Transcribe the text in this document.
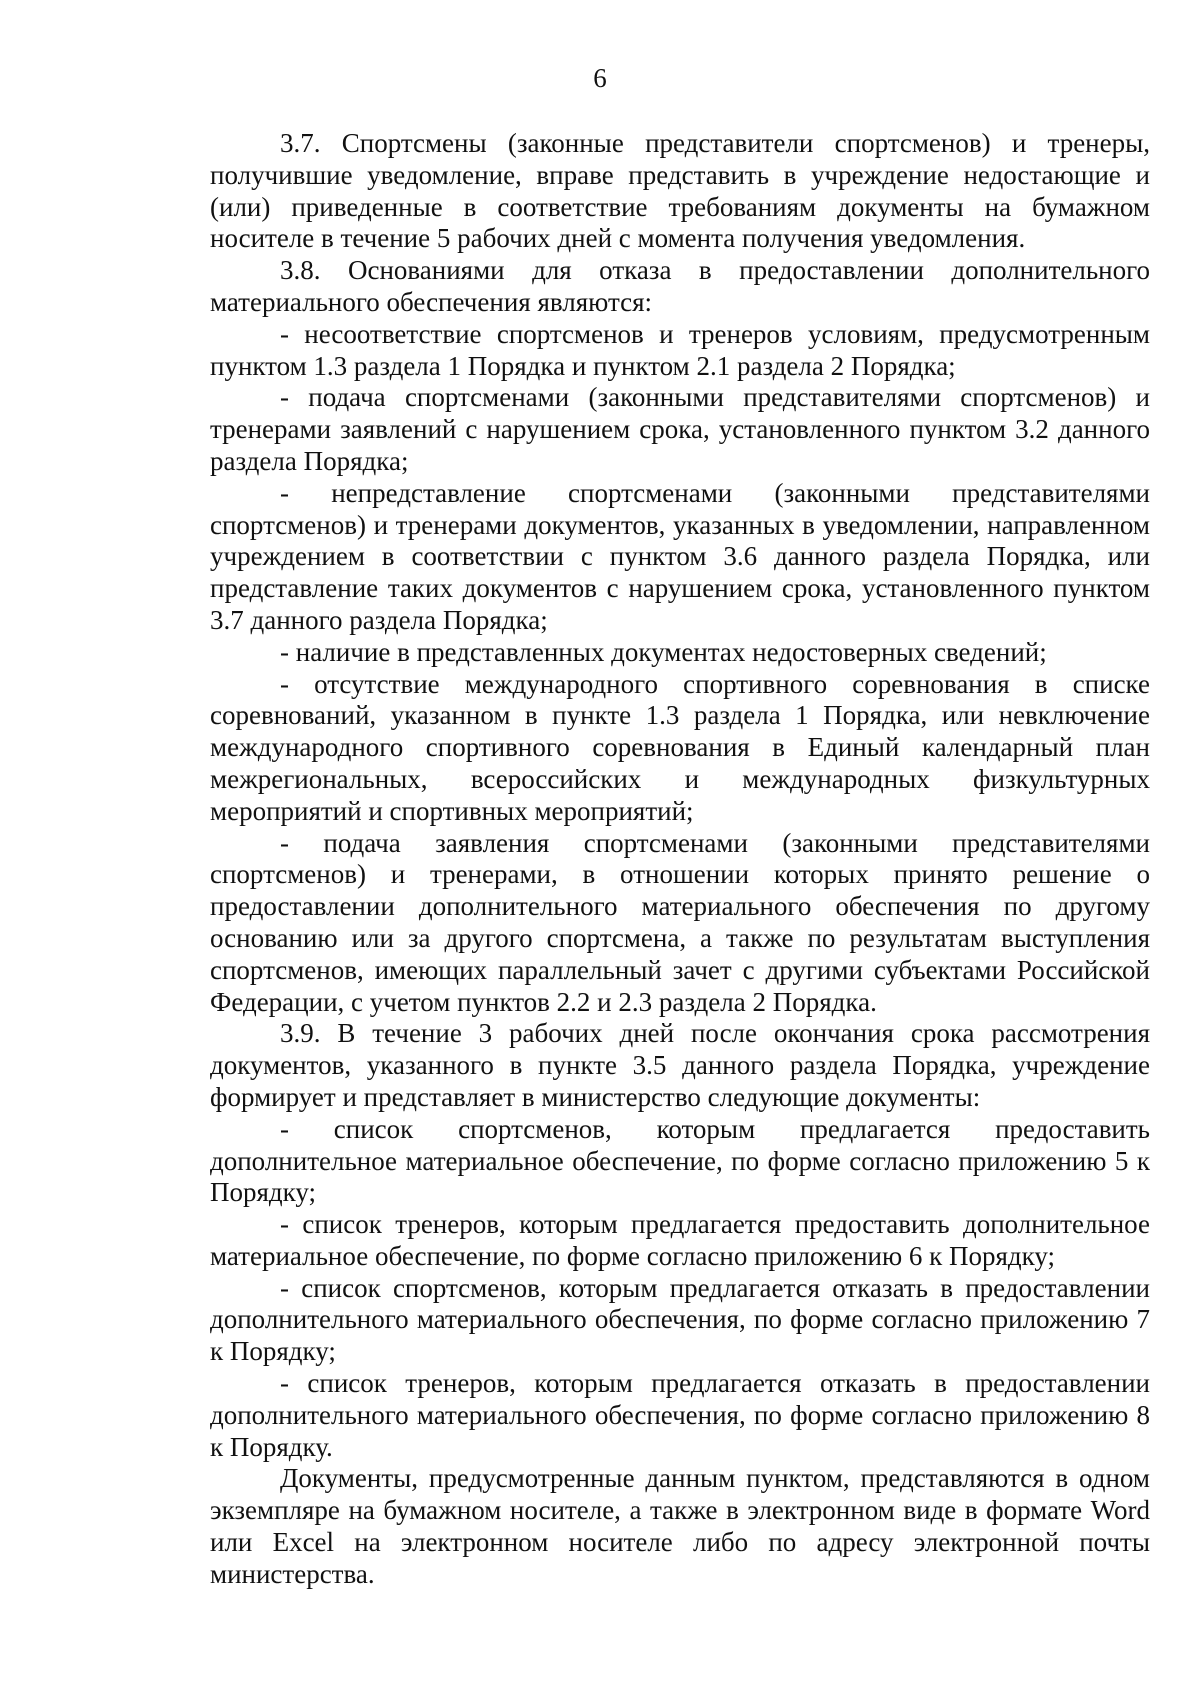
6

3.7. Спортсмены (законные представители спортсменов) и тренеры, получившие уведомление, вправе представить в учреждение недостающие и (или) приведенные в соответствие требованиям документы на бумажном носителе в течение 5 рабочих дней с момента получения уведомления.

3.8. Основаниями для отказа в предоставлении дополнительного материального обеспечения являются:

- несоответствие спортсменов и тренеров условиям, предусмотренным пунктом 1.3 раздела 1 Порядка и пунктом 2.1 раздела 2 Порядка;

- подача спортсменами (законными представителями спортсменов) и тренерами заявлений с нарушением срока, установленного пунктом 3.2 данного раздела Порядка;

- непредставление спортсменами (законными представителями спортсменов) и тренерами документов, указанных в уведомлении, направленном учреждением в соответствии с пунктом 3.6 данного раздела Порядка, или представление таких документов с нарушением срока, установленного пунктом 3.7 данного раздела Порядка;

- наличие в представленных документах недостоверных сведений;

- отсутствие международного спортивного соревнования в списке соревнований, указанном в пункте 1.3 раздела 1 Порядка, или невключение международного спортивного соревнования в Единый календарный план межрегиональных, всероссийских и международных физкультурных мероприятий и спортивных мероприятий;

- подача заявления спортсменами (законными представителями спортсменов) и тренерами, в отношении которых принято решение о предоставлении дополнительного материального обеспечения по другому основанию или за другого спортсмена, а также по результатам выступления спортсменов, имеющих параллельный зачет с другими субъектами Российской Федерации, с учетом пунктов 2.2 и 2.3 раздела 2 Порядка.

3.9. В течение 3 рабочих дней после окончания срока рассмотрения документов, указанного в пункте 3.5 данного раздела Порядка, учреждение формирует и представляет в министерство следующие документы:

- список спортсменов, которым предлагается предоставить дополнительное материальное обеспечение, по форме согласно приложению 5 к Порядку;

- список тренеров, которым предлагается предоставить дополнительное материальное обеспечение, по форме согласно приложению 6 к Порядку;

- список спортсменов, которым предлагается отказать в предоставлении дополнительного материального обеспечения, по форме согласно приложению 7 к Порядку;

- список тренеров, которым предлагается отказать в предоставлении дополнительного материального обеспечения, по форме согласно приложению 8 к Порядку.

Документы, предусмотренные данным пунктом, представляются в одном экземпляре на бумажном носителе, а также в электронном виде в формате Word или Excel на электронном носителе либо по адресу электронной почты министерства.
